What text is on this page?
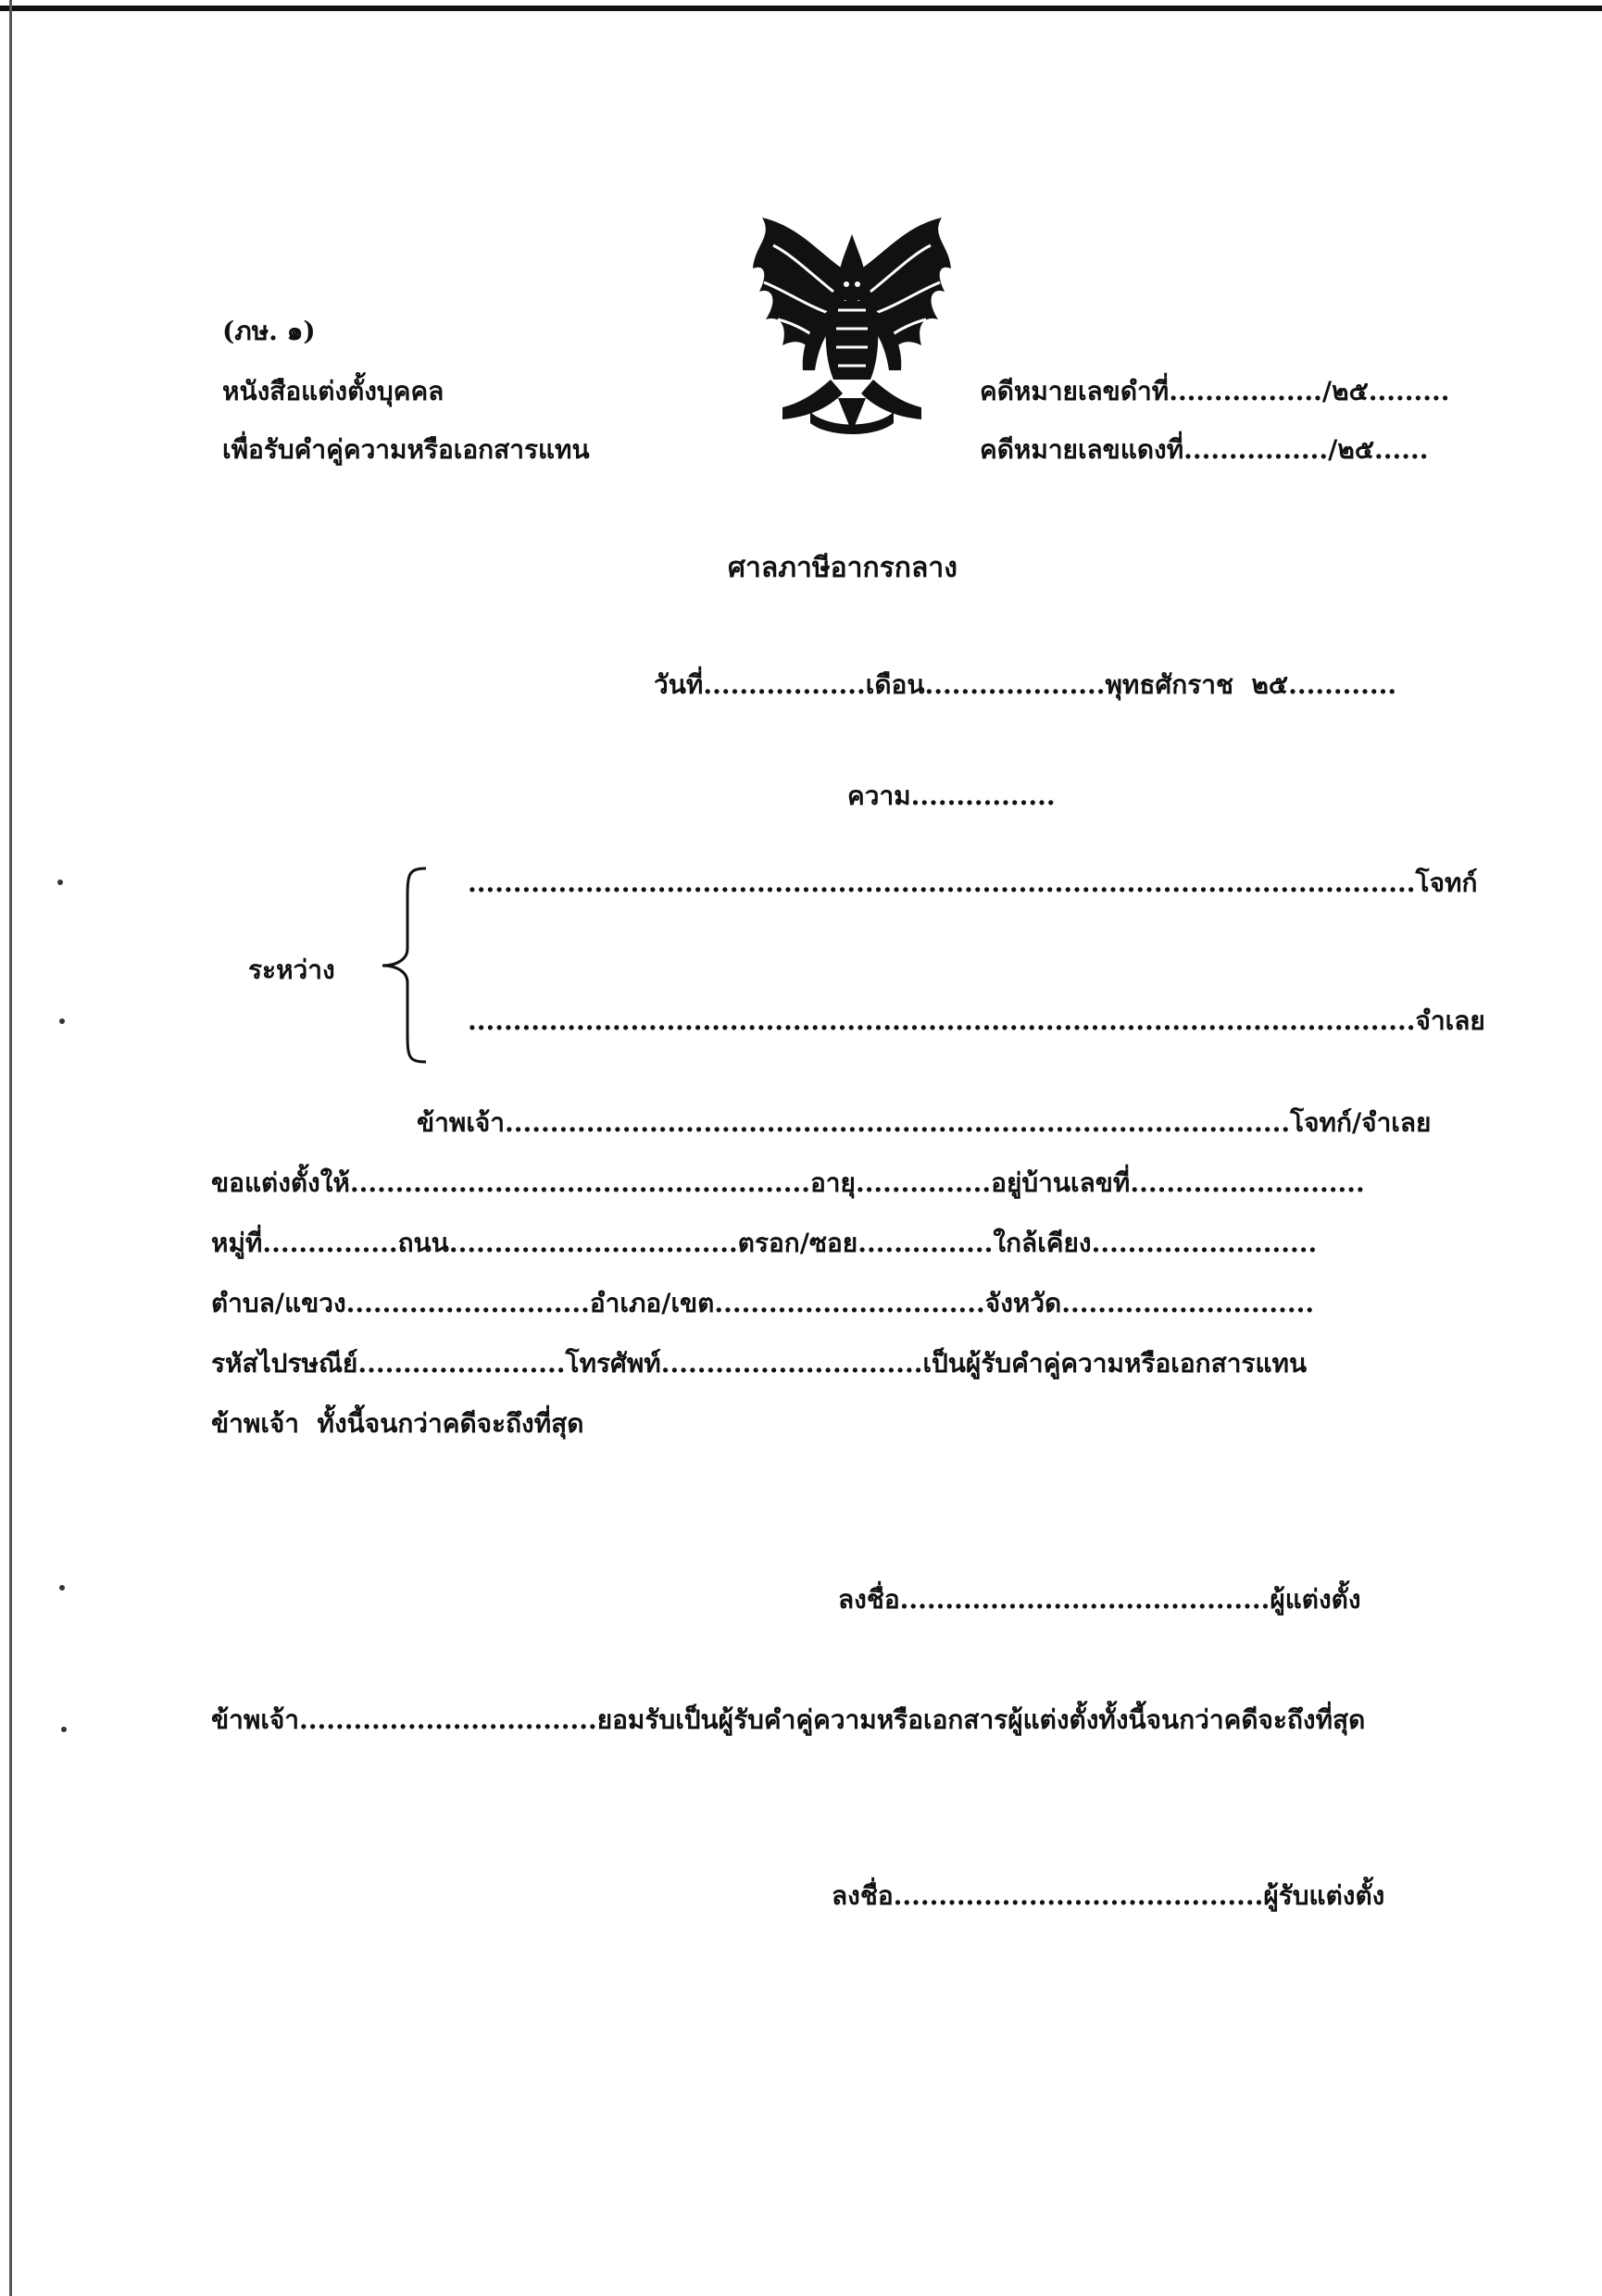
(ภษ. ๑)
หนังสือแต่งตั้งบุคคล
เพื่อรับคำคู่ความหรือเอกสารแทน
คดีหมายเลขดำที่................./๒๕.........
คดีหมายเลขแดงที่................/๒๕......
ศาลภาษีอากรกลาง
วันที่..................เดือน....................พุทธศักราช  ๒๕............
ความ................
ระหว่าง
.........................................................................................................โจทก์
.........................................................................................................จำเลย
ข้าพเจ้า.......................................................................................โจทก์/จำเลย
ขอแต่งตั้งให้...................................................อายุ...............อยู่บ้านเลขที่..........................
หมู่ที่...............ถนน................................ตรอก/ซอย...............ใกล้เคียง.........................
ตำบล/แขวง...........................อำเภอ/เขต..............................จังหวัด............................
รหัสไปรษณีย์.......................โทรศัพท์.............................เป็นผู้รับคำคู่ความหรือเอกสารแทน
ข้าพเจ้า  ทั้งนี้จนกว่าคดีจะถึงที่สุด
ลงชื่อ.........................................ผู้แต่งตั้ง
ข้าพเจ้า.................................ยอมรับเป็นผู้รับคำคู่ความหรือเอกสารผู้แต่งตั้งทั้งนี้จนกว่าคดีจะถึงที่สุด
ลงชื่อ.........................................ผู้รับแต่งตั้ง
